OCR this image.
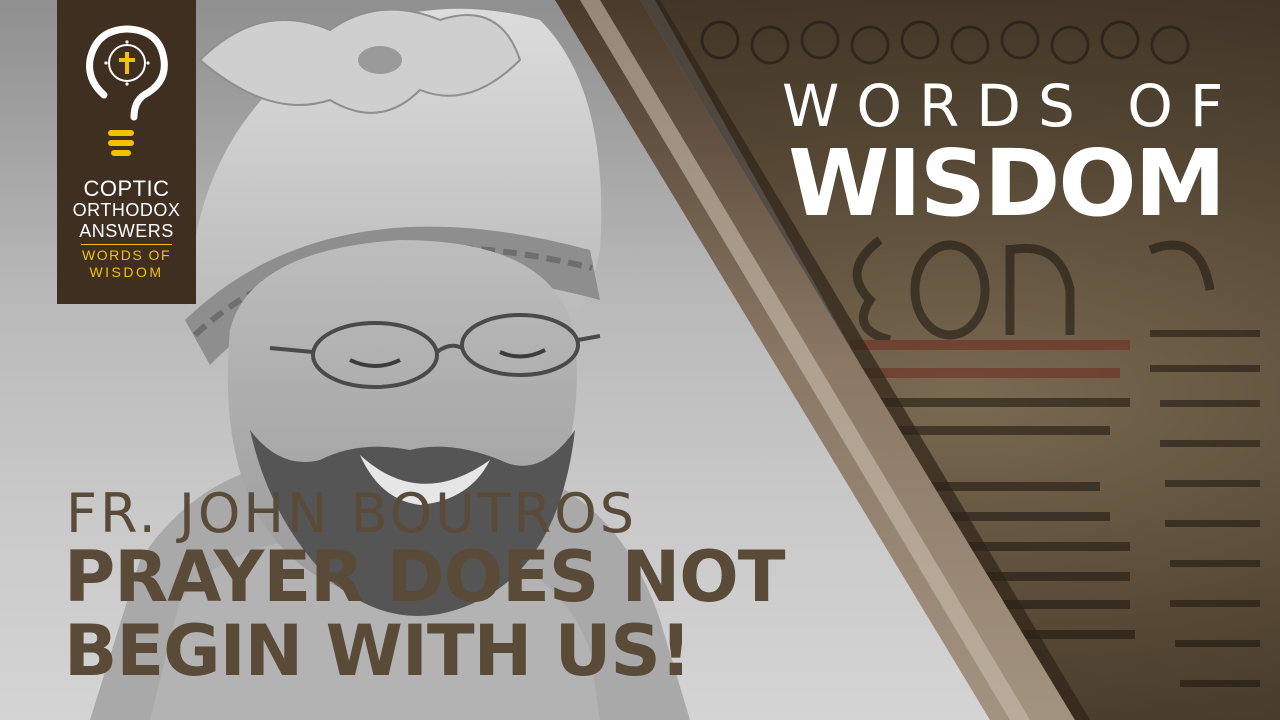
COPTIC
ORTHODOX
ANSWERS
WORDS OF
WISDOM
WORDS OF
WISDOM
FR. JOHN BOUTROS
PRAYER DOES NOT
BEGIN WITH US!
